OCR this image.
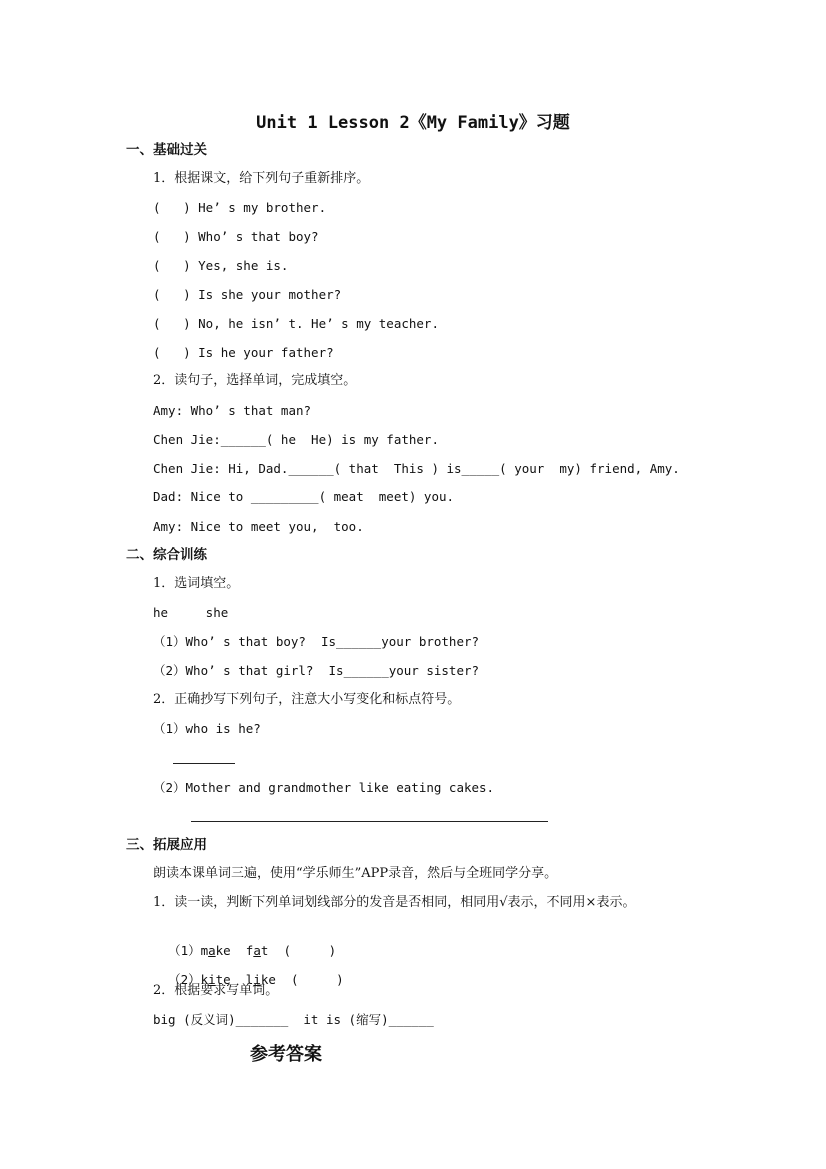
Unit 1 Lesson 2《My Family》习题
一、基础过关
1．根据课文，给下列句子重新排序。
(   ) He’ s my brother.
(   ) Who’ s that boy?
(   ) Yes, she is.
(   ) Is she your mother?
(   ) No, he isn’ t. He’ s my teacher.
(   ) Is he your father?
2．读句子，选择单词，完成填空。
Amy: Who’ s that man?
Chen Jie:______( he  He) is my father.
Chen Jie: Hi, Dad.______( that  This ) is_____( your  my) friend, Amy.
Dad: Nice to _________( meat  meet) you.
Amy: Nice to meet you,  too.
二、综合训练
1．选词填空。
he     she
（1）Who’ s that boy?  Is______your brother?
（2）Who’ s that girl?  Is______your sister?
2．正确抄写下列句子，注意大小写变化和标点符号。
（1）who is he?
（2）Mother and grandmother like eating cakes.
三、拓展应用
朗读本课单词三遍，使用“学乐师生”APP录音，然后与全班同学分享。
1．读一读，判断下列单词划线部分的发音是否相同，相同用√表示，不同用×表示。

（1）make fat (     )

（2）kite like (     )

2．根据要求写单词。
big (反义词)_______  it is (缩写)______
参考答案
